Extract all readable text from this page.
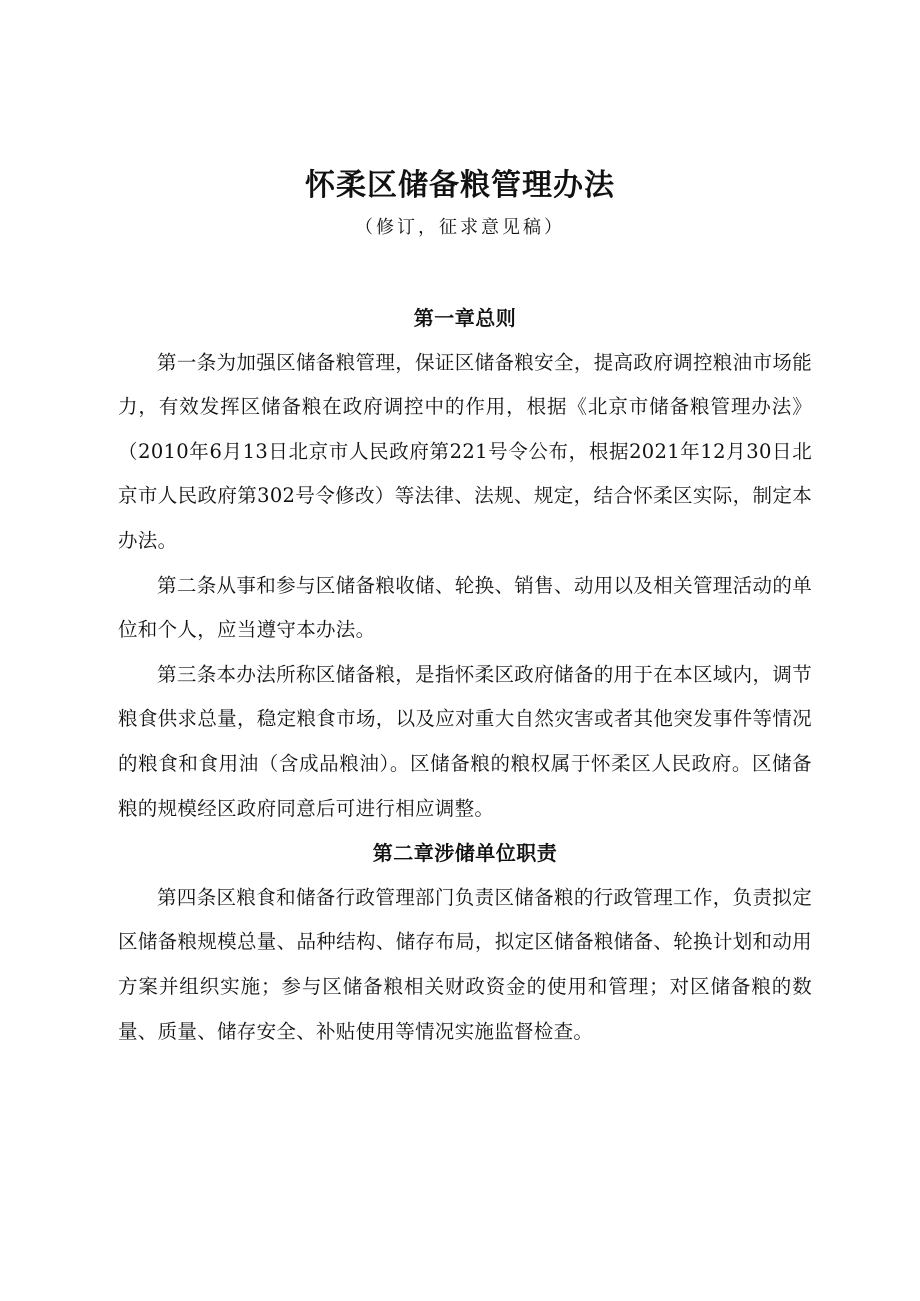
怀柔区储备粮管理办法
（修订，征求意见稿）
第一章总则

第一条为加强区储备粮管理，保证区储备粮安全，提高政府调控粮油市场能力，有效发挥区储备粮在政府调控中的作用，根据《北京市储备粮管理办法》（2010年6月13日北京市人民政府第221号令公布，根据2021年12月30日北京市人民政府第302号令修改）等法律、法规、规定，结合怀柔区实际，制定本办法。

第二条从事和参与区储备粮收储、轮换、销售、动用以及相关管理活动的单位和个人，应当遵守本办法。

第三条本办法所称区储备粮，是指怀柔区政府储备的用于在本区域内，调节粮食供求总量，稳定粮食市场，以及应对重大自然灾害或者其他突发事件等情况的粮食和食用油（含成品粮油）。区储备粮的粮权属于怀柔区人民政府。区储备粮的规模经区政府同意后可进行相应调整。

第二章涉储单位职责

第四条区粮食和储备行政管理部门负责区储备粮的行政管理工作，负责拟定区储备粮规模总量、品种结构、储存布局，拟定区储备粮储备、轮换计划和动用方案并组织实施；参与区储备粮相关财政资金的使用和管理；对区储备粮的数量、质量、储存安全、补贴使用等情况实施监督检查。
